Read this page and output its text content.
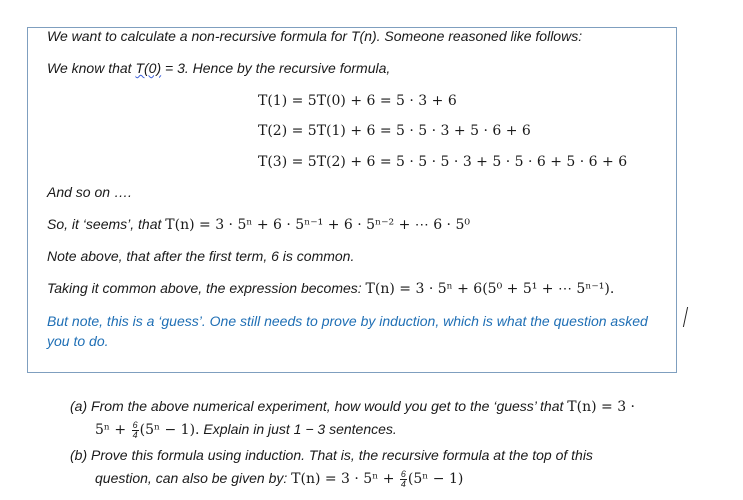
We want to calculate a non-recursive formula for T(n). Someone reasoned like follows:
We know that T(0) = 3. Hence by the recursive formula,
T(1) = 5T(0) + 6 = 5 · 3 + 6
T(2) = 5T(1) + 6 = 5 · 5 · 3 + 5 · 6 + 6
T(3) = 5T(2) + 6 = 5 · 5 · 5 · 3 + 5 · 5 · 6 + 5 · 6 + 6
And so on ….
So, it ‘seems’, that T(n) = 3 · 5ⁿ + 6 · 5ⁿ⁻¹ + 6 · 5ⁿ⁻² + ⋯ 6 · 5⁰
Note above, that after the first term, 6 is common.
Taking it common above, the expression becomes: T(n) = 3 · 5ⁿ + 6(5⁰ + 5¹ + ⋯ 5ⁿ⁻¹).
But note, this is a ‘guess’. One still needs to prove by induction, which is what the question asked
you to do.
(a) From the above numerical experiment, how would you get to the ‘guess’ that T(n) = 3 ·
$5^n + \frac{6}{4} (5^n - 1)$. Explain in just 1 − 3 sentences.
(b) Prove this formula using induction. That is, the recursive formula at the top of this
question, can also be given by: $T(n) = 3 \cdot 5^n + \frac{6}{4} (5^n - 1)$
